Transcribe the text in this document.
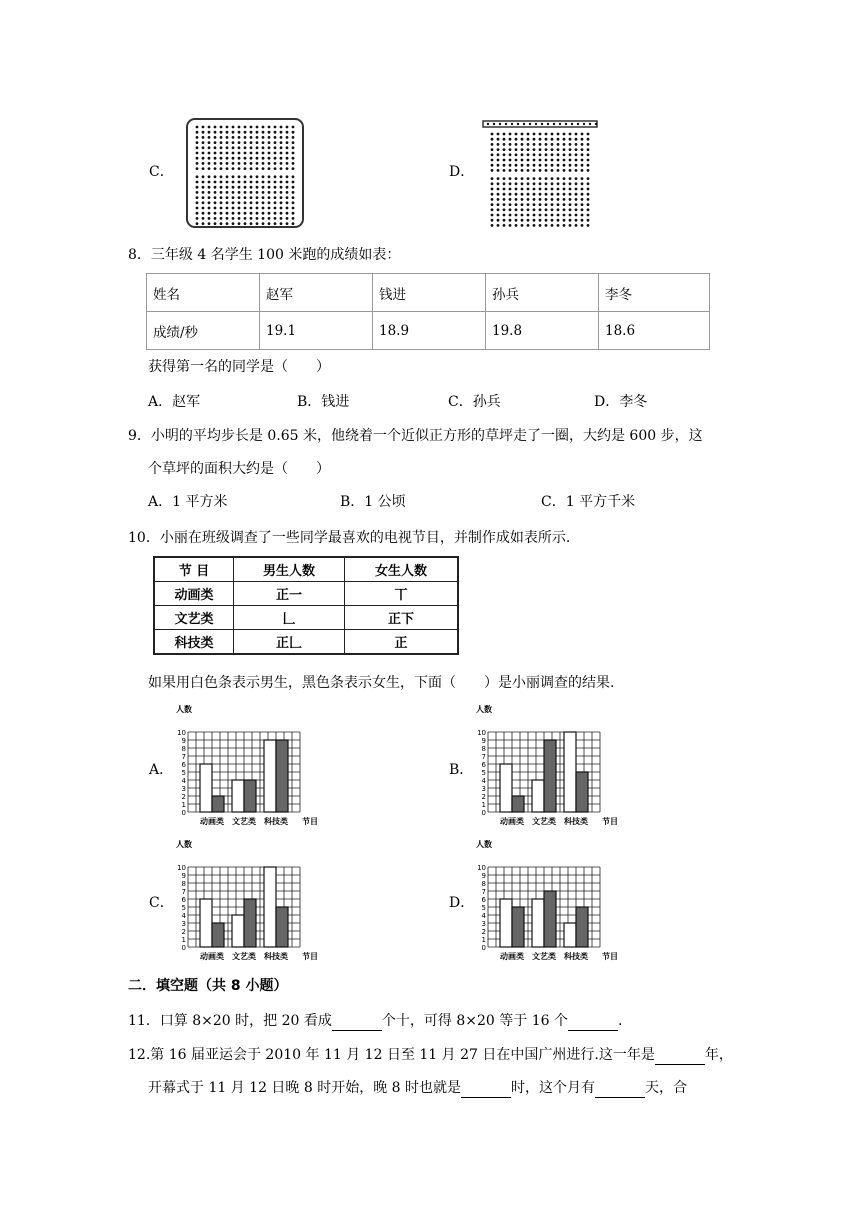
C．	D．
8．三年级 4 名学生 100 米跑的成绩如表：
姓名	赵军	钱进	孙兵	李冬
成绩/秒	19.1	18.9	19.8	18.6
获得第一名的同学是（　　）
A．赵军	B．钱进	C．孙兵	D．李冬
9．小明的平均步长是 0.65 米，他绕着一个近似正方形的草坪走了一圈，大约是 600 步，这
个草坪的面积大约是（　　）
A．1 平方米	B．1 公顷	C．1 平方千米
10．小丽在班级调查了一些同学最喜欢的电视节目，并制作成如表所示.
节 目	男生人数	女生人数
动画类	正一	丅
文艺类	𠃊	正下
科技类	正𠃊	正
如果用白色条表示男生，黑色条表示女生，下面（　　）是小丽调查的结果.
A．	B．
C．	D．
人数
0
1
2
3
4
5
6
7
8
9
10
动画类 文艺类 科技类 节目
人数
0
1
2
3
4
5
6
7
8
9
10
动画类 文艺类 科技类 节目
人数
0
1
2
3
4
5
6
7
8
9
10
动画类 文艺类 科技类 节目
人数
0
1
2
3
4
5
6
7
8
9
10
动画类 文艺类 科技类 节目
二．填空题（共 8 小题）
11．口算 8×20 时，把 20 看成	个十，可得 8×20 等于 16 个	.
12.第 16 届亚运会于 2010 年 11 月 12 日至 11 月 27 日在中国广州进行.这一年是	年，
开幕式于 11 月 12 日晚 8 时开始，晚 8 时也就是	时，这个月有	天，合
